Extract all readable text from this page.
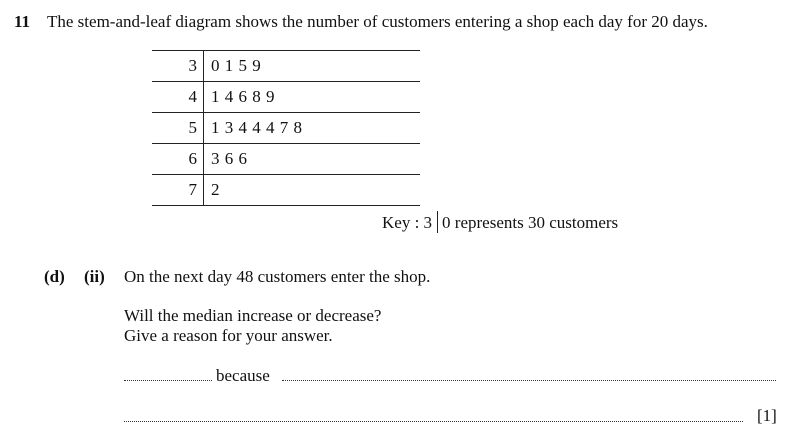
11 The stem-and-leaf diagram shows the number of customers entering a shop each day for 20 days.
3 0 1 5 9
4 1 4 6 8 9
5 1 3 4 4 4 7 8
6 3 6 6
7 2
Key : 3 0 represents 30 customers
(d) (ii) On the next day 48 customers enter the shop.
Will the median increase or decrease?
Give a reason for your answer.
because
[1]
